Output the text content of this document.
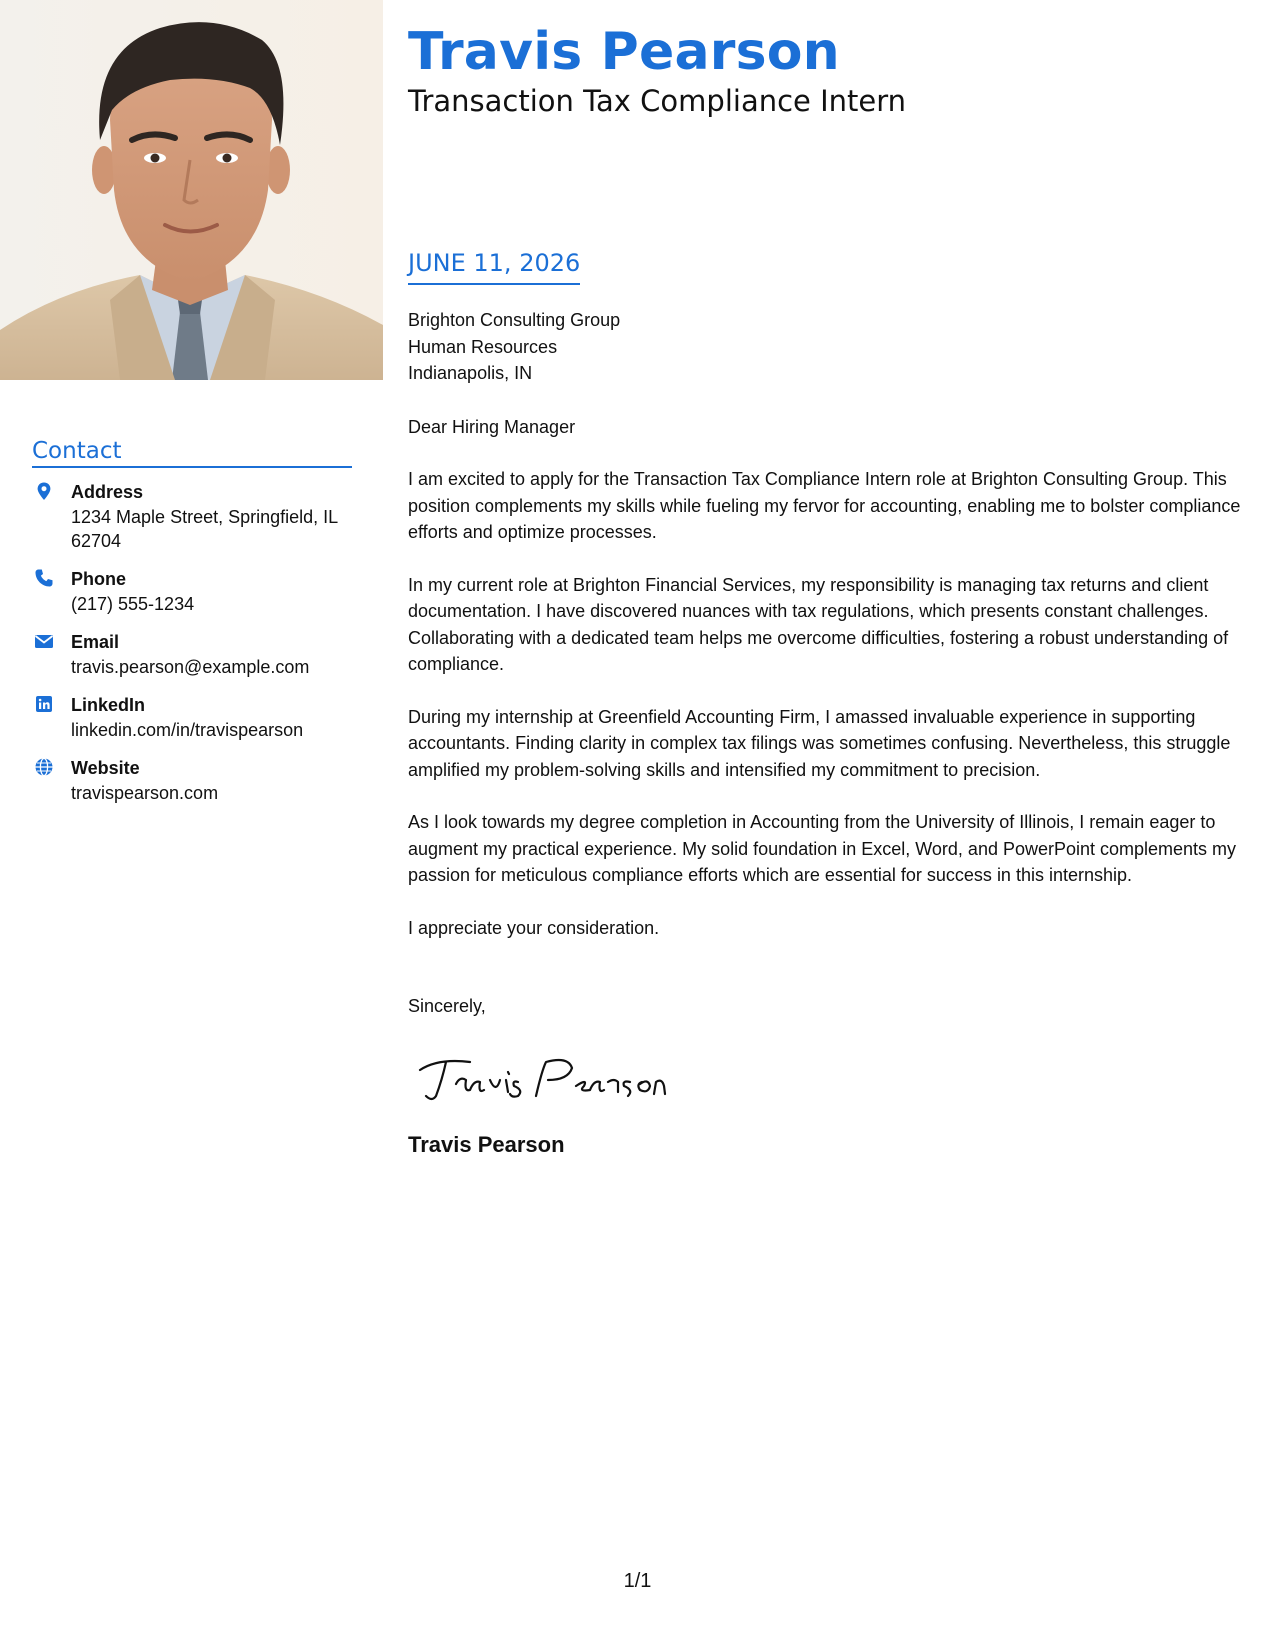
Travis Pearson
Transaction Tax Compliance Intern
Contact
Address
1234 Maple Street, Springfield, IL 62704
Phone
(217) 555-1234
Email
travis.pearson@example.com
LinkedIn
linkedin.com/in/travispearson
Website
travispearson.com
JUNE 11, 2026
Brighton Consulting Group
Human Resources
Indianapolis, IN
Dear Hiring Manager

I am excited to apply for the Transaction Tax Compliance Intern role at Brighton Consulting Group. This position complements my skills while fueling my fervor for accounting, enabling me to bolster compliance efforts and optimize processes.

In my current role at Brighton Financial Services, my responsibility is managing tax returns and client documentation. I have discovered nuances with tax regulations, which presents constant challenges. Collaborating with a dedicated team helps me overcome difficulties, fostering a robust understanding of compliance.

During my internship at Greenfield Accounting Firm, I amassed invaluable experience in supporting accountants. Finding clarity in complex tax filings was sometimes confusing. Nevertheless, this struggle amplified my problem-solving skills and intensified my commitment to precision.

As I look towards my degree completion in Accounting from the University of Illinois, I remain eager to augment my practical experience. My solid foundation in Excel, Word, and PowerPoint complements my passion for meticulous compliance efforts which are essential for success in this internship.

I appreciate your consideration.

Sincerely,
Travis Pearson
1/1
